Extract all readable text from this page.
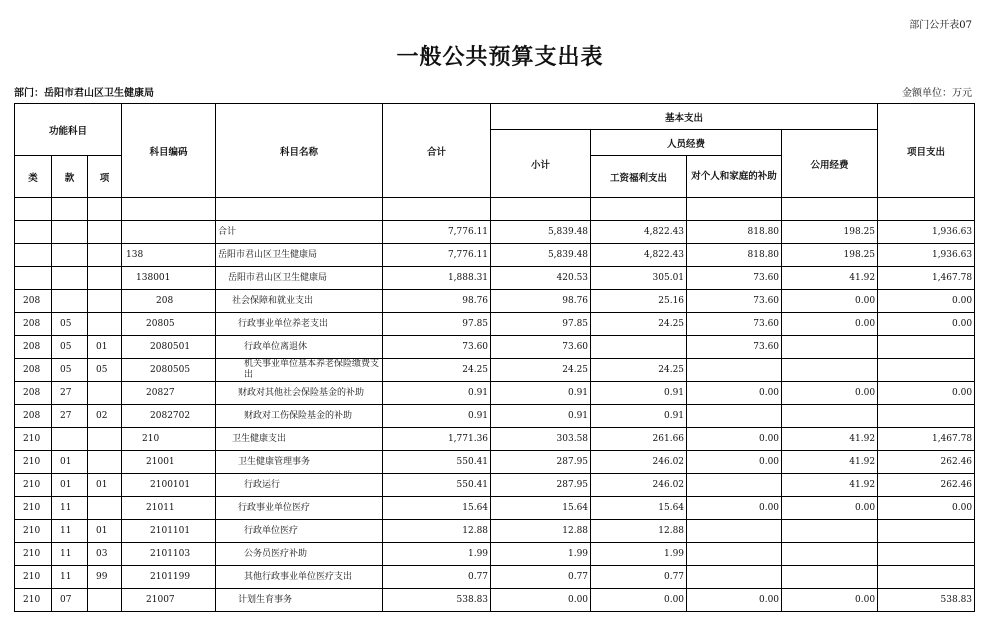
部门公开表07
一般公共预算支出表
部门：岳阳市君山区卫生健康局	金额单位：万元
功能科目			科目编码	科目名称	合计	基本支出				项目支出
						小计	人员经费		公用经费	
类	款	项					工资福利支出	对个人和家庭的补助		

				合计	7,776.11	5,839.48	4,822.43	818.80	198.25	1,936.63
			138	岳阳市君山区卫生健康局	7,776.11	5,839.48	4,822.43	818.80	198.25	1,936.63
			138001	岳阳市君山区卫生健康局	1,888.31	420.53	305.01	73.60	41.92	1,467.78
208			208	社会保障和就业支出	98.76	98.76	25.16	73.60	0.00	0.00
208	05		20805	行政事业单位养老支出	97.85	97.85	24.25	73.60	0.00	0.00
208	05	01	2080501	行政单位离退休	73.60	73.60		73.60		
208	05	05	2080505	机关事业单位基本养老保险缴费支出	24.25	24.25	24.25			
208	27		20827	财政对其他社会保险基金的补助	0.91	0.91	0.91	0.00	0.00	0.00
208	27	02	2082702	财政对工伤保险基金的补助	0.91	0.91	0.91			
210			210	卫生健康支出	1,771.36	303.58	261.66	0.00	41.92	1,467.78
210	01		21001	卫生健康管理事务	550.41	287.95	246.02	0.00	41.92	262.46
210	01	01	2100101	行政运行	550.41	287.95	246.02		41.92	262.46
210	11		21011	行政事业单位医疗	15.64	15.64	15.64	0.00	0.00	0.00
210	11	01	2101101	行政单位医疗	12.88	12.88	12.88			
210	11	03	2101103	公务员医疗补助	1.99	1.99	1.99			
210	11	99	2101199	其他行政事业单位医疗支出	0.77	0.77	0.77			
210	07		21007	计划生育事务	538.83	0.00	0.00	0.00	0.00	538.83
